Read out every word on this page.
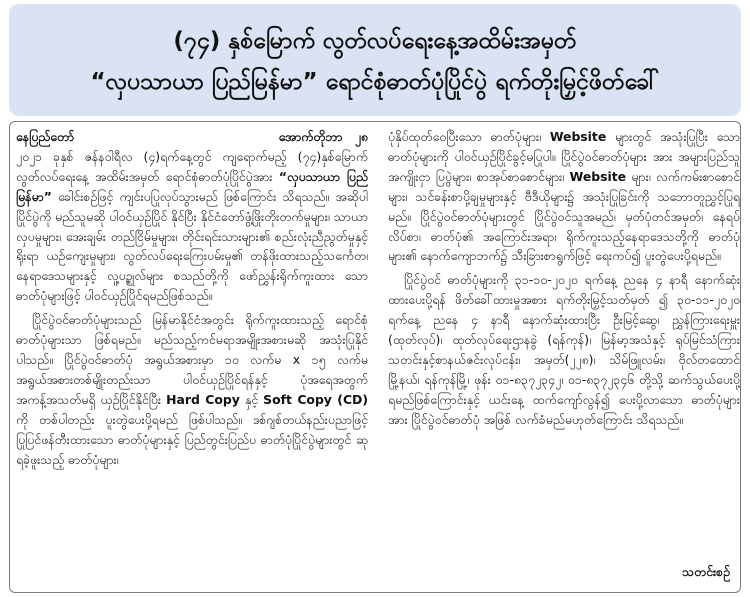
(၇၄) နှစ်မြောက် လွတ်လပ်ရေးနေ့အထိမ်းအမှတ်
“လှပသာယာ ပြည်မြန်မာ” ရောင်စုံဓာတ်ပုံပြိုင်ပွဲ ရက်တိုးမြှင့်ဖိတ်ခေါ်
နေပြည်တော်	အောက်တိုဘာ ၂၈

၂၀၂၁ ခုနှစ် ဇန်နဝါရီလ (၄)ရက်နေ့တွင် ကျရောက်မည့် (၇၄)နှစ်မြောက် လွတ်လပ်ရေးနေ့ အထိမ်းအမှတ် ရောင်စုံဓာတ်ပုံပြိုင်ပွဲအား “လှပသာယာ ပြည်မြန်မာ” ခေါင်းစဉ်ဖြင့် ကျင်းပပြုလုပ်သွားမည် ဖြစ်ကြောင်း သိရသည်။ အဆိုပါပြိုင်ပွဲကို မည်သူမဆို ပါဝင်ယှဉ်ပြိုင် နိုင်ပြီး နိုင်ငံတော်ဖွံ့ဖြိုးတိုးတက်မှုများ၊ သာယာလှပမှုများ၊ အေးချမ်း တည်ငြိမ်မှုများ၊ တိုင်းရင်းသားများ၏ စည်းလုံးညီညွတ်မှုနှင့် ရိုးရာ ယဉ်ကျေးမှုများ၊ လွတ်လပ်ရေးကြေးပမ်းမှု၏ တန်ဖိုးထားသည့်သင်္ကေတ၊ နေရာဒေသများနှင့် လူ့ပဉ္စုလ်များ စသည်တို့ကို ဖော်ညွှန်းရိုက်ကူးထား သော ဓာတ်ပုံများဖြင့် ပါဝင်ယှဉ်ပြိုင်ရမည်ဖြစ်သည်။

ပြိုင်ပွဲဝင်ဓာတ်ပုံများသည် မြန်မာနိုင်ငံအတွင်း ရိုက်ကူးထားသည့် ရောင်စုံဓာတ်ပုံများသာ ဖြစ်ရမည်။ မည်သည့်ကင်မရာအမျိုးအစားမဆို အသုံးပြုနိုင်ပါသည်။ ပြိုင်ပွဲဝင်ဓာတ်ပုံ အရွယ်အစားမှာ ၁၀ လက်မ x ၁၅ လက်မ အရွယ်အစားတစ်မျိုးတည်းသာ ပါဝင်ယှဉ်ပြိုင်ရန်နှင့် ပုံအရေအတွက် အကန့်အသတ်မရှိ ယှဉ်ပြိုင်နိုင်ပြီး Hard Copy နှင့် Soft Copy (CD) ကို တစ်ပါတည်း ပူးတွဲပေးပို့ရမည် ဖြစ်ပါသည်။ ဒစ်ဂျစ်တယ်နည်းပညာဖြင့် ပြုပြင်ဖန်တီးထားသော ဓာတ်ပုံများနှင့် ပြည်တွင်းပြည်ပ ဓာတ်ပုံပြိုင်ပွဲများတွင် ဆုရခဲ့ဖူးသည့် ဓာတ်ပုံများ၊

ပုံနှိပ်ထုတ်ဝေပြီးသော ဓာတ်ပုံများ၊ Website များတွင် အသုံးပြုပြီး သော ဓာတ်ပုံများကို ပါဝင်ယှဉ်ပြိုင်ခွင့်မပြုပါ။ ပြိုင်ပွဲဝင်ဓာတ်ပုံများ အား အများပြည်သူအကျိုးငှာ ပြပွဲများ၊ စာအုပ်စာစောင်များ၊ Website များ၊ လက်ကမ်းစာစောင်များ၊ သင်ခန်းစာပို့ချမှုများနှင့် ဗီဒီယိုများ၌ အသုံးပြုခြင်းကို သဘောတူညွှင့်ပြုရမည်။ ပြိုင်ပွဲဝင်ဓာတ်ပုံများတွင် ပြိုင်ပွဲဝင်သူအမည်၊ မှတ်ပုံတင်အမှတ်၊ နေရပ်လိပ်စာ၊ ဓာတ်ပုံ၏ အကြောင်းအရာ၊ ရိုက်ကူးသည့်နေရာဒေသတို့ကို ဓာတ်ပုံများ၏ နောက်ကျောဘက်၌ သီးခြားစာရွက်ဖြင့် ရေးကပ်၍ ပူးတွဲပေးပို့ရမည်။

ပြိုင်ပွဲဝင် ဓာတ်ပုံများကို ၃၁-၁၀-၂၀၂၀ ရက်နေ့ ညနေ ၄ နာရီ နောက်ဆုံးထားပေးပို့ရန် ဖိတ်ခေါ်ထားမှုအစား ရက်တိုးမြှင့်သတ်မှတ် ၍ ၃၀-၁၁-၂၀၂၀ ရက်နေ့ ညနေ ၄ နာရီ နောက်ဆုံးထားပြီး ဦးမြင့်ဆွေ၊ ညွှန်ကြားရေးမှူး (ထုတ်လုပ်)၊ ထုတ်လုပ်ရေးဌာနခွဲ (ရန်ကုန်)၊ မြန်မာ့အသံနှင့် ရုပ်မြင်သံကြား သတင်းနှင့်စာနယ်ဇင်းလုပ်ငန်း၊ အမှတ်(၂၂၈)၊ သိမ်ဖြူလမ်း၊ ဗိုလ်တထောင်မြို့နယ်၊ ရန်ကုန်မြို့၊ ဖုန်း ၀၁-၈၃၇၂၃၄၂၊ ၀၁-၈၃၇၂၃၄၆ တို့သို့ ဆက်သွယ်ပေးပို့ရမည်ဖြစ်ကြောင်းနှင့် ယင်းနေ့ ထက်ကျော်လွန်၍ ပေးပို့လာသော ဓာတ်ပုံများအား ပြိုင်ပွဲဝင်ဓာတ်ပုံ အဖြစ် လက်ခံမည်မဟုတ်ကြောင်း သိရသည်။

သတင်းစဉ်
